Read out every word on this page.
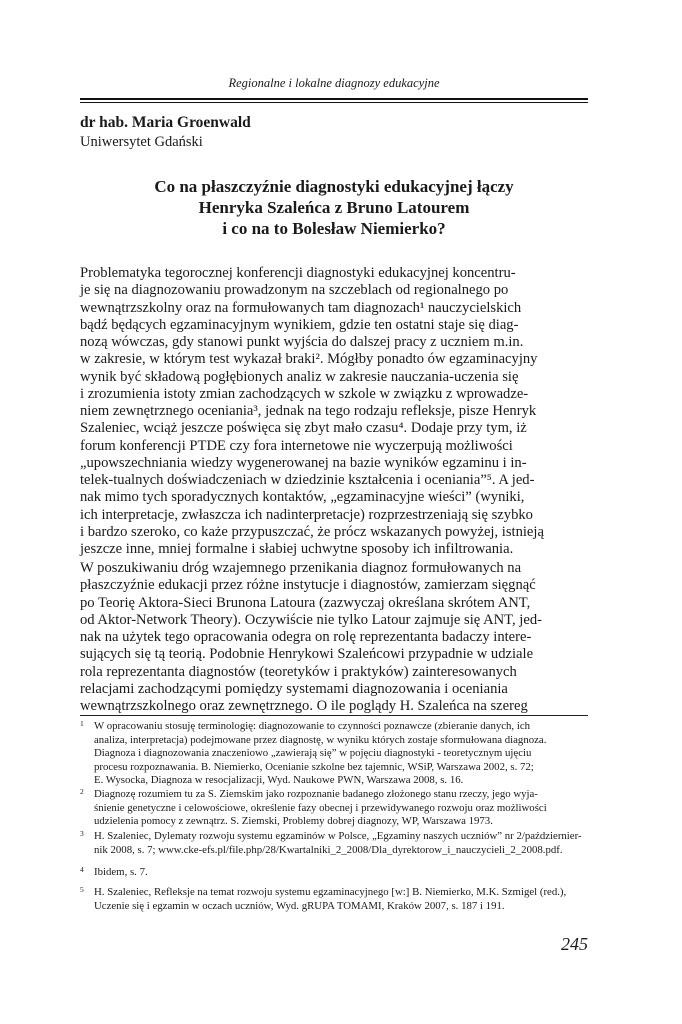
Regionalne i lokalne diagnozy edukacyjne
dr hab. Maria Groenwald
Uniwersytet Gdański
Co na płaszczyźnie diagnostyki edukacyjnej łączy
Henryka Szaleńca z Bruno Latourem
i co na to Bolesław Niemierko?
Problematyka tegorocznej konferencji diagnostyki edukacyjnej koncentru-
je się na diagnozowaniu prowadzonym na szczeblach od regionalnego po
wewnątrzszkolny oraz na formułowanych tam diagnozach¹ nauczycielskich
bądź będących egzaminacyjnym wynikiem, gdzie ten ostatni staje się diag-
nozą wówczas, gdy stanowi punkt wyjścia do dalszej pracy z uczniem m.in.
w zakresie, w którym test wykazał braki². Mógłby ponadto ów egzaminacyjny
wynik być składową pogłębionych analiz w zakresie nauczania-uczenia się
i zrozumienia istoty zmian zachodzących w szkole w związku z wprowadze-
niem zewnętrznego oceniania³, jednak na tego rodzaju refleksje, pisze Henryk
Szaleniec, wciąż jeszcze poświęca się zbyt mało czasu⁴. Dodaje przy tym, iż
forum konferencji PTDE czy fora internetowe nie wyczerpują możliwości
„upowszechniania wiedzy wygenerowanej na bazie wyników egzaminu i in-
telek-tualnych doświadczeniach w dziedzinie kształcenia i oceniania”⁵. A jed-
nak mimo tych sporadycznych kontaktów, „egzaminacyjne wieści” (wyniki,
ich interpretacje, zwłaszcza ich nadinterpretacje) rozprzestrzeniają się szybko
i bardzo szeroko, co każe przypuszczać, że prócz wskazanych powyżej, istnieją
jeszcze inne, mniej formalne i słabiej uchwytne sposoby ich infiltrowania.
W poszukiwaniu dróg wzajemnego przenikania diagnoz formułowanych na
płaszczyźnie edukacji przez różne instytucje i diagnostów, zamierzam sięgnąć
po Teorię Aktora-Sieci Brunona Latoura (zazwyczaj określana skrótem ANT,
od Aktor-Network Theory). Oczywiście nie tylko Latour zajmuje się ANT, jed-
nak na użytek tego opracowania odegra on rolę reprezentanta badaczy intere-
sujących się tą teorią. Podobnie Henrykowi Szaleńcowi przypadnie w udziale
rola reprezentanta diagnostów (teoretyków i praktyków) zainteresowanych
relacjami zachodzącymi pomiędzy systemami diagnozowania i oceniania
wewnątrzszkolnego oraz zewnętrznego. O ile poglądy H. Szaleńca na szereg
1 W opracowaniu stosuję terminologię: diagnozowanie to czynności poznawcze (zbieranie danych, ich
analiza, interpretacja) podejmowane przez diagnostę, w wyniku których zostaje sformułowana diagnoza.
Diagnoza i diagnozowania znaczeniowo „zawierają się” w pojęciu diagnostyki - teoretycznym ujęciu
procesu rozpoznawania. B. Niemierko, Ocenianie szkolne bez tajemnic, WSiP, Warszawa 2002, s. 72;
E. Wysocka, Diagnoza w resocjalizacji, Wyd. Naukowe PWN, Warszawa 2008, s. 16.
2 Diagnozę rozumiem tu za S. Ziemskim jako rozpoznanie badanego złożonego stanu rzeczy, jego wyja-
śnienie genetyczne i celowościowe, określenie fazy obecnej i przewidywanego rozwoju oraz możliwości
udzielenia pomocy z zewnątrz. S. Ziemski, Problemy dobrej diagnozy, WP, Warszawa 1973.
3 H. Szaleniec, Dylematy rozwoju systemu egzaminów w Polsce, „Egzaminy naszych uczniów” nr 2/październier-
nik 2008, s. 7; www.cke-efs.pl/file.php/28/Kwartalniki_2_2008/Dla_dyrektorow_i_nauczycieli_2_2008.pdf.
4 Ibidem, s. 7.
5 H. Szaleniec, Refleksje na temat rozwoju systemu egzaminacyjnego [w:] B. Niemierko, M.K. Szmigel (red.),
Uczenie się i egzamin w oczach uczniów, Wyd. gRUPA TOMAMI, Kraków 2007, s. 187 i 191.
245
